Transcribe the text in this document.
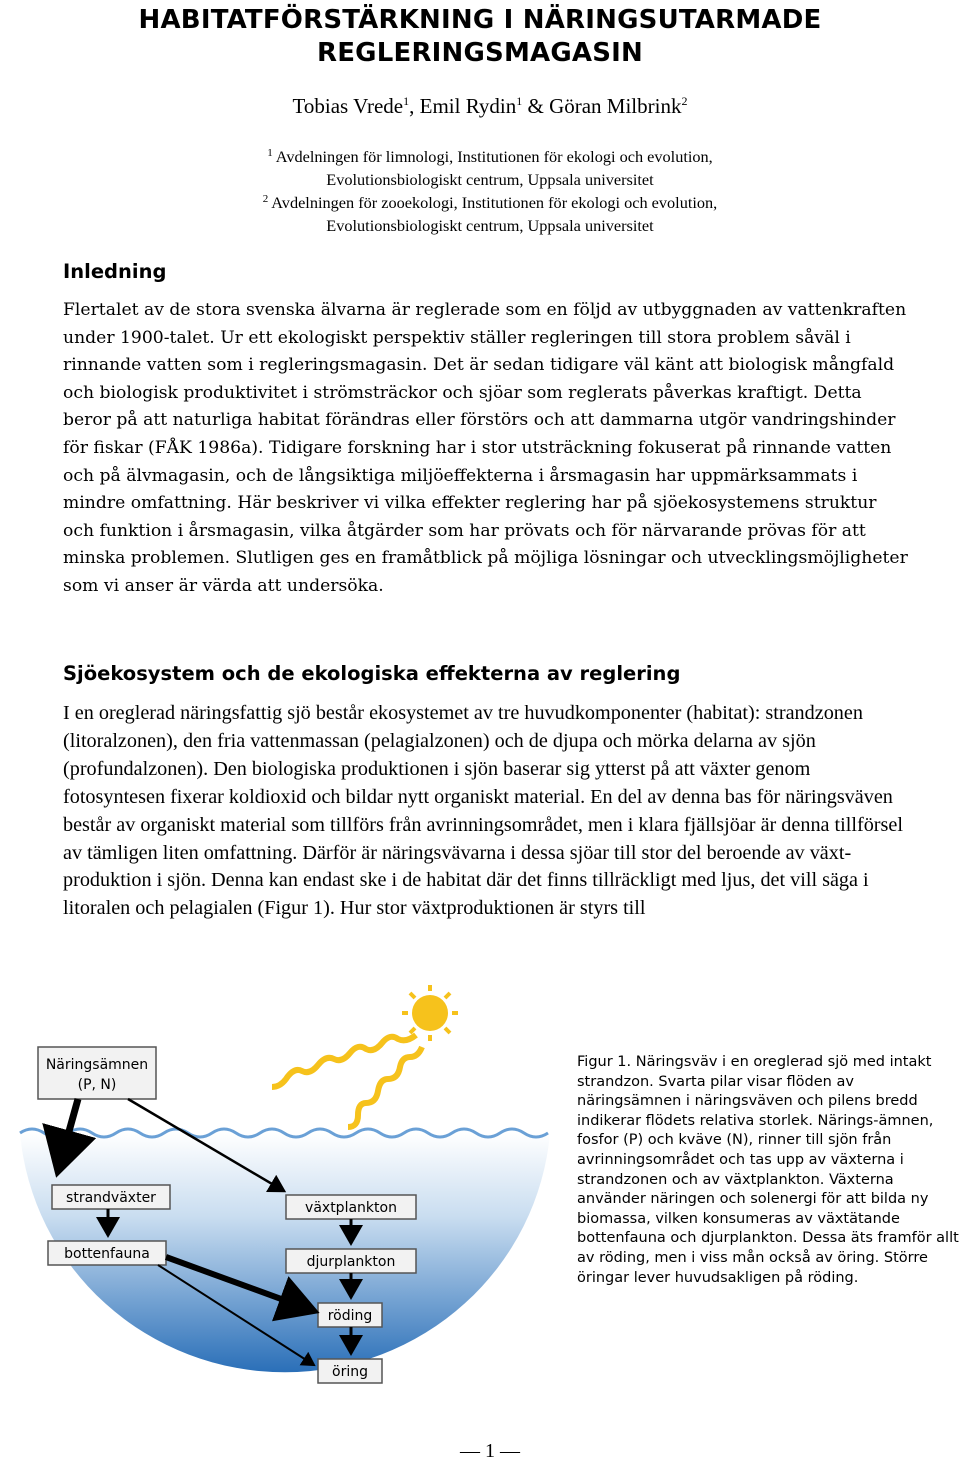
HABITATFÖRSTÄRKNING I NÄRINGSUTARMADE REGLERINGSMAGASIN

Tobias Vrede$^1$, Emil Rydin$^1$ & Göran Milbrink$^2$

$^1$ Avdelningen för limnologi, Institutionen för ekologi och evolution,
Evolutionsbiologiskt centrum, Uppsala universitet
$^2$ Avdelningen för zooekologi, Institutionen för ekologi och evolution,
Evolutionsbiologiskt centrum, Uppsala universitet
Inledning

Flertalet av de stora svenska älvarna är reglerade som en följd av utbyggnaden av vattenkraften under 1900-talet. Ur ett ekologiskt perspektiv ställer regleringen till stora problem såväl i rinnande vatten som i regleringsmagasin. Det är sedan tidigare väl känt att biologisk mångfald och biologisk produktivitet i strömsträckor och sjöar som reglerats påverkas kraftigt. Detta beror på att naturliga habitat förändras eller förstörs och att dammarna utgör vandringshinder för fiskar (FÅK 1986a). Tidigare forskning har i stor utsträckning fokuserat på rinnande vatten och på älvmagasin, och de långsiktiga miljöeffekterna i årsmagasin har uppmärksammats i mindre omfattning. Här beskriver vi vilka effekter reglering har på sjöekosystemens struktur och funktion i årsmagasin, vilka åtgärder som har prövats och för närvarande prövas för att minska problemen. Slutligen ges en framåtblick på möjliga lösningar och utvecklingsmöjligheter som vi anser är värda att undersöka.

Sjöekosystem och de ekologiska effekterna av reglering

I en oreglerad näringsfattig sjö består ekosystemet av tre huvudkomponenter (habitat): strandzonen (litoralzonen), den fria vattenmassan (pelagialzonen) och de djupa och mörka delarna av sjön (profundalzonen). Den biologiska produktionen i sjön baserar sig ytterst på att växter genom fotosyntesen fixerar koldioxid och bildar nytt organiskt material. En del av denna bas för näringsväven består av organiskt material som tillförs från avrinningsområdet, men i klara fjällsjöar är denna tillförsel av tämligen liten omfattning. Därför är näringsvävarna i dessa sjöar till stor del beroende av växt-produktion i sjön. Denna kan endast ske i de habitat där det finns tillräckligt med ljus, det vill säga i litoralen och pelagialen (Figur 1). Hur stor växtproduktionen är styrs till

Näringsämnen
(P, N)
strandväxter
bottenfauna
växtplankton
djurplankton
röding
öring

Figur 1. Näringsväv i en oreglerad sjö med intakt strandzon. Svarta pilar visar flöden av näringsämnen i näringsväven och pilens bredd indikerar flödets relativa storlek. Närings-ämnen, fosfor (P) och kväve (N), rinner till sjön från avrinningsområdet och tas upp av växterna i strandzonen och av växtplankton. Växterna använder näringen och solenergi för att bilda ny biomassa, vilken konsumeras av växtätande bottenfauna och djurplankton. Dessa äts framför allt av röding, men i viss mån också av öring. Större öringar lever huvudsakligen på röding.

— 1 —
